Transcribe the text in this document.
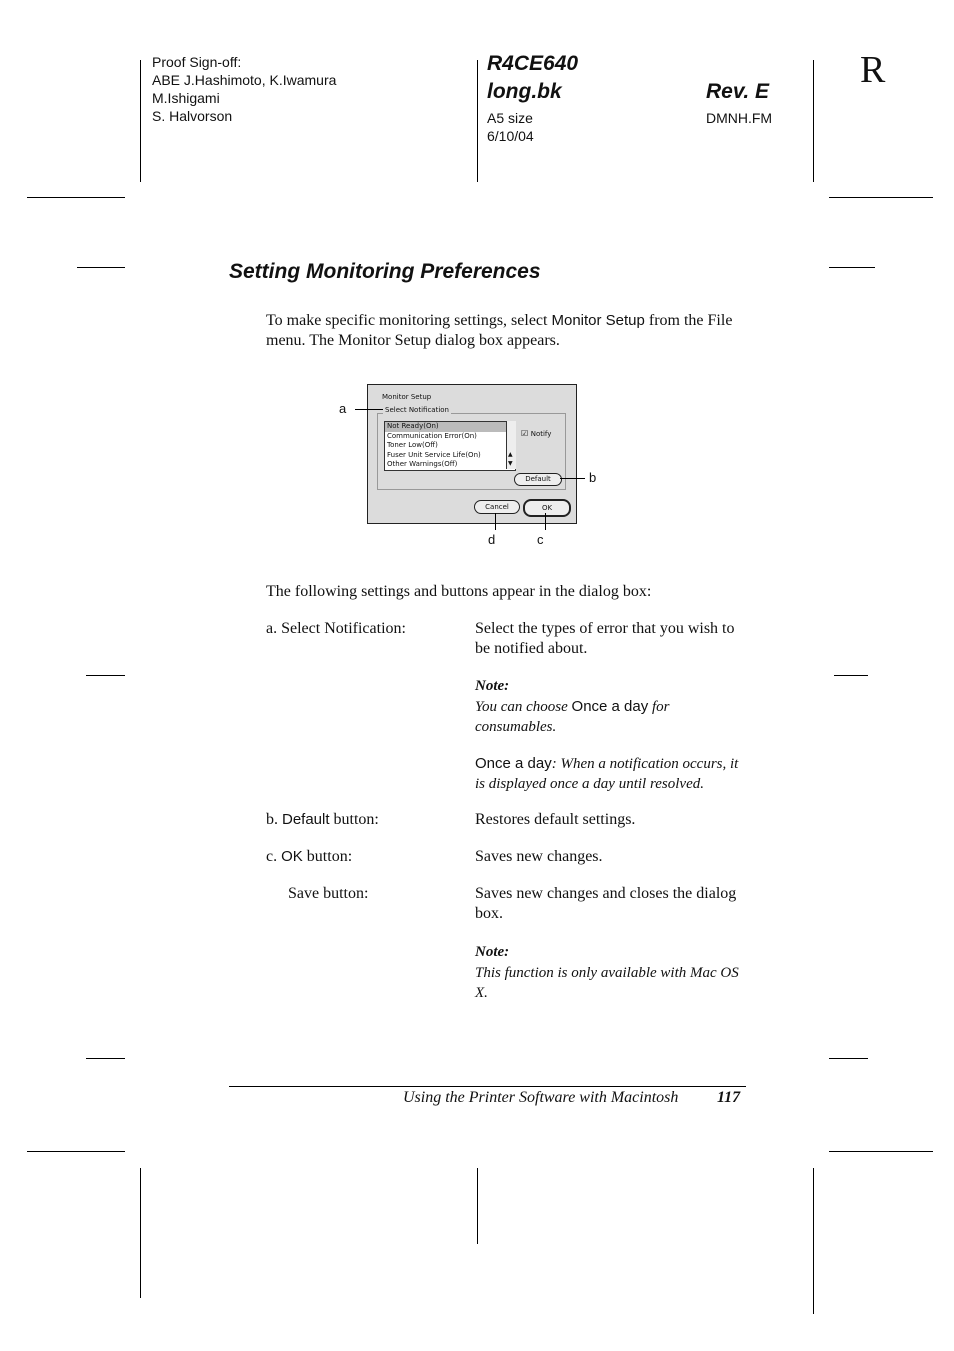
Proof Sign-off:
ABE J.Hashimoto, K.Iwamura
M.Ishigami
S. Halvorson
R4CE640
long.bk
A5 size
6/10/04
Rev. E
DMNH.FM
R
Setting Monitoring Preferences
To make specific monitoring settings, select Monitor Setup from the File menu. The Monitor Setup dialog box appears.
Monitor Setup
Select Notification
Not Ready(On)
Communication Error(On)
Toner Low(Off)
Fuser Unit Service Life(On)
Other Warnings(Off)
▲
▼
☑ Notify
Default
Cancel	OK
a
b
c
d
The following settings and buttons appear in the dialog box:
a. Select Notification:	Select the types of error that you wish to be notified about.
Note:
You can choose Once a day for consumables.
Once a day: When a notification occurs, it is displayed once a day until resolved.
b. Default button:	Restores default settings.
c. OK button:	Saves new changes.
Save button:	Saves new changes and closes the dialog box.
Note:
This function is only available with Mac OS X.
Using the Printer Software with Macintosh 117
